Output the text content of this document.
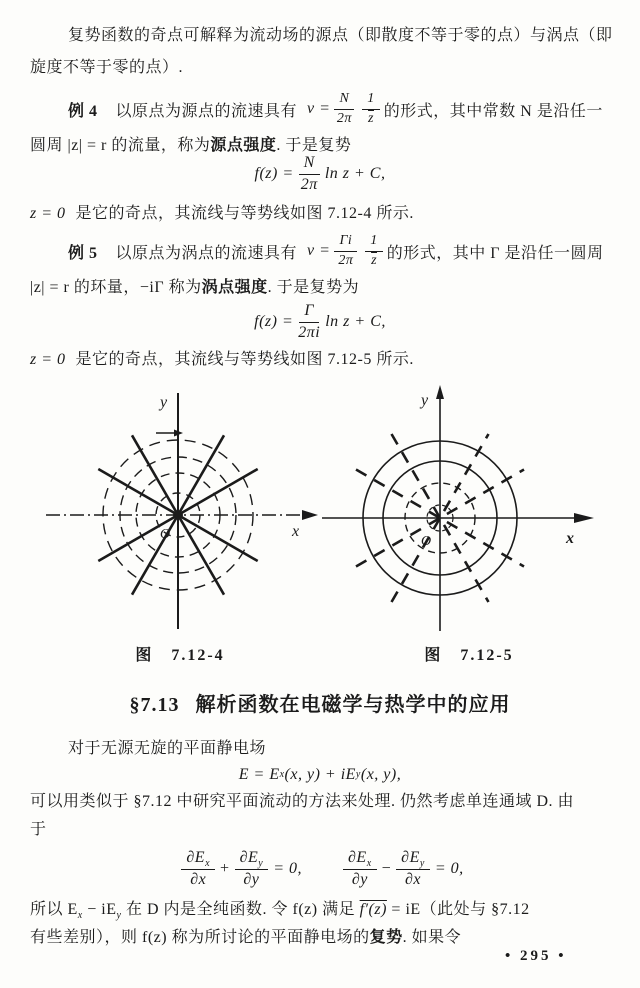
复势函数的奇点可解释为流动场的源点（即散度不等于零的点）与涡点（即
旋度不等于零的点）.
例 4 以原点为源点的流速具有 $v = \frac{N}{2\pi} \frac{1}{z}$ 的形式，其中常数 N 是沿任一
圆周 |z| = r 的流量，称为源点强度. 于是复势
$f(z) = \frac{N}{2\pi}$ ln z + C,
z = 0 是它的奇点，其流线与等势线如图 7.12-4 所示.
例 5 以原点为涡点的流速具有 $v = \frac{\Gamma i}{2\pi} \frac{1}{z}$ 的形式，其中 Γ 是沿任一圆周
|z| = r 的环量，−iΓ 称为涡点强度. 于是复势为
$f(z) = \frac{\Gamma}{2\pi i}$ ln z + C,
z = 0 是它的奇点，其流线与等势线如图 7.12-5 所示.
y
x
O
y
x
O
图　7.12-4	图　7.12-5
§7.13 解析函数在电磁学与热学中的应用
对于无源无旋的平面静电场
E = E x (x, y) + iE y (x, y),
可以用类似于 §7.12 中研究平面流动的方法来处理. 仍然考虑单连通域 D. 由
于
$\frac{\partial E_x}{\partial x} + \frac{\partial E_y}{\partial y} = 0$,	$\frac{\partial E_x}{\partial y} - \frac{\partial E_y}{\partial x} = 0$,
所以 $E_x - iE_y$ 在 D 内是全纯函数. 令 f(z) 满足 f′(z) = iE（此处与 §7.12
有些差别），则 f(z) 称为所讨论的平面静电场的复势. 如果令
• 295 •
